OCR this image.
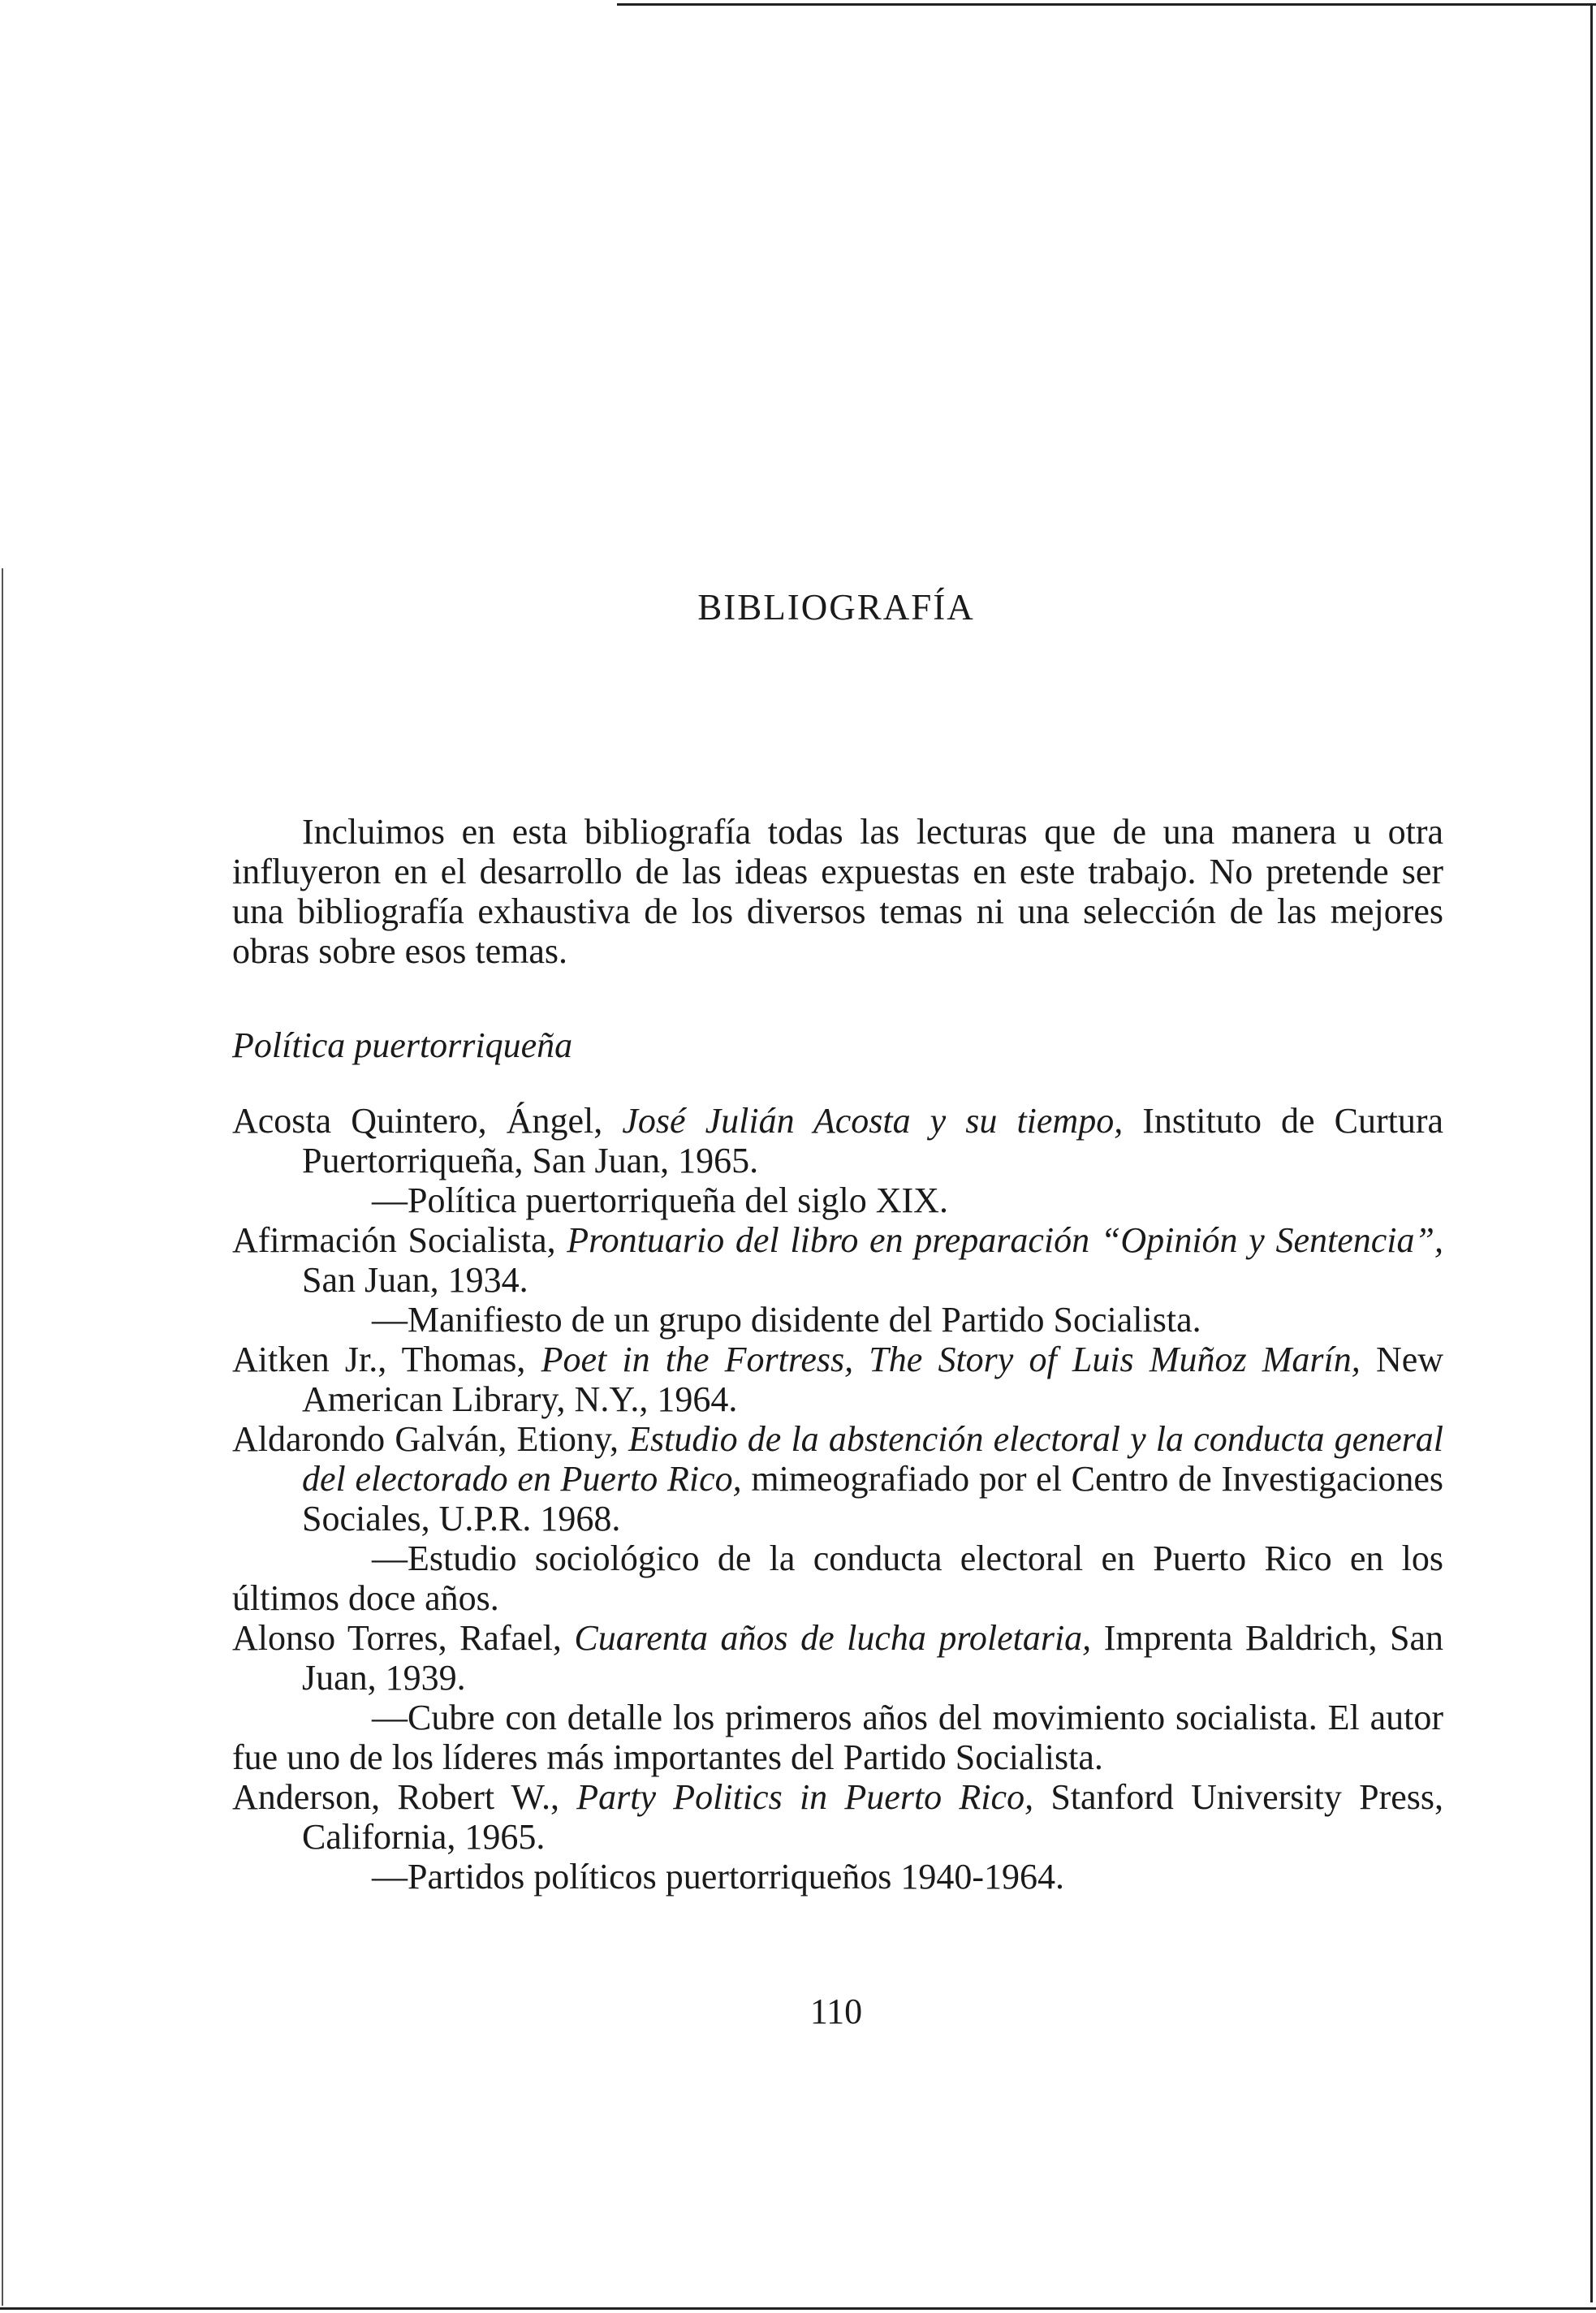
BIBLIOGRAFÍA

Incluimos en esta bibliografía todas las lecturas que de una manera u otra influyeron en el desarrollo de las ideas expuestas en este trabajo. No pretende ser una bibliografía exhaustiva de los diversos temas ni una selección de las mejores obras sobre esos temas.

Política puertorriqueña

Acosta Quintero, Ángel, José Julián Acosta y su tiempo, Instituto de Curtura Puertorriqueña, San Juan, 1965.

—Política puertorriqueña del siglo XIX.

Afirmación Socialista, Prontuario del libro en preparación “Opinión y Sentencia”, San Juan, 1934.

—Manifiesto de un grupo disidente del Partido Socialista.

Aitken Jr., Thomas, Poet in the Fortress, The Story of Luis Muñoz Marín, New American Library, N.Y., 1964.

Aldarondo Galván, Etiony, Estudio de la abstención electoral y la conducta general del electorado en Puerto Rico, mimeografiado por el Centro de Investigaciones Sociales, U.P.R. 1968.

—Estudio sociológico de la conducta electoral en Puerto Rico en los últimos doce años.

Alonso Torres, Rafael, Cuarenta años de lucha proletaria, Imprenta Baldrich, San Juan, 1939.

—Cubre con detalle los primeros años del movimiento socialista. El autor fue uno de los líderes más importantes del Partido Socialista.

Anderson, Robert W., Party Politics in Puerto Rico, Stanford University Press, California, 1965.

—Partidos políticos puertorriqueños 1940-1964.

110
